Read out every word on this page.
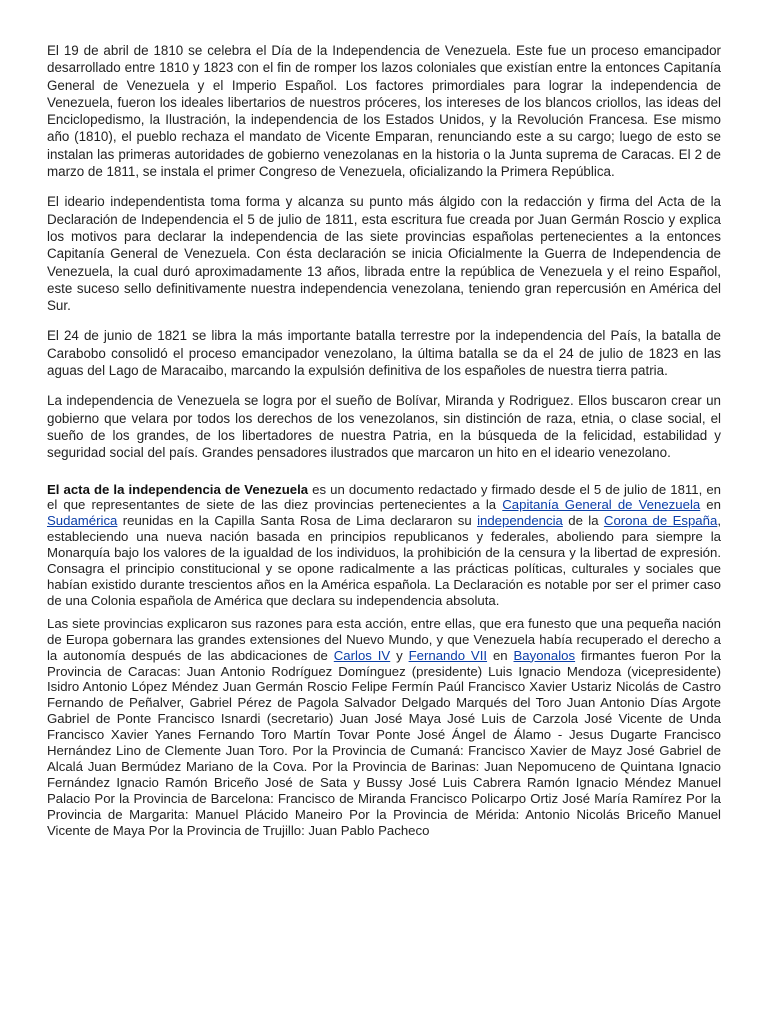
El 19 de abril de 1810 se celebra el Día de la Independencia de Venezuela. Este fue un proceso emancipador desarrollado entre 1810 y 1823 con el fin de romper los lazos coloniales que existían entre la entonces Capitanía General de Venezuela y el Imperio Español. Los factores primordiales para lograr la independencia de Venezuela, fueron los ideales libertarios de nuestros próceres, los intereses de los blancos criollos, las ideas del Enciclopedismo, la Ilustración, la independencia de los Estados Unidos, y la Revolución Francesa. Ese mismo año (1810), el pueblo rechaza el mandato de Vicente Emparan, renunciando este a su cargo; luego de esto se instalan las primeras autoridades de gobierno venezolanas en la historia o la Junta suprema de Caracas. El 2 de marzo de 1811, se instala el primer Congreso de Venezuela, oficializando la Primera República.

El ideario independentista toma forma y alcanza su punto más álgido con la redacción y firma del Acta de la Declaración de Independencia el 5 de julio de 1811, esta escritura fue creada por Juan Germán Roscio y explica los motivos para declarar la independencia de las siete provincias españolas pertenecientes a la entonces Capitanía General de Venezuela. Con ésta declaración se inicia Oficialmente la Guerra de Independencia de Venezuela, la cual duró aproximadamente 13 años, librada entre la república de Venezuela y el reino Español, este suceso sello definitivamente nuestra independencia venezolana, teniendo gran repercusión en América del Sur.

El 24 de junio de 1821 se libra la más importante batalla terrestre por la independencia del País, la batalla de Carabobo consolidó el proceso emancipador venezolano, la última batalla se da el 24 de julio de 1823 en las aguas del Lago de Maracaibo, marcando la expulsión definitiva de los españoles de nuestra tierra patria.

La independencia de Venezuela se logra por el sueño de Bolívar, Miranda y Rodriguez. Ellos buscaron crear un gobierno que velara por todos los derechos de los venezolanos, sin distinción de raza, etnia, o clase social, el sueño de los grandes, de los libertadores de nuestra Patria, en la búsqueda de la felicidad, estabilidad y seguridad social del país. Grandes pensadores ilustrados que marcaron un hito en el ideario venezolano.

El acta de la independencia de Venezuela es un documento redactado y firmado desde el 5 de julio de 1811, en el que representantes de siete de las diez provincias pertenecientes a la Capitanía General de Venezuela en Sudamérica reunidas en la Capilla Santa Rosa de Lima declararon su independencia de la Corona de España, estableciendo una nueva nación basada en principios republicanos y federales, aboliendo para siempre la Monarquía bajo los valores de la igualdad de los individuos, la prohibición de la censura y la libertad de expresión. Consagra el principio constitucional y se opone radicalmente a las prácticas políticas, culturales y sociales que habían existido durante trescientos años en la América española. La Declaración es notable por ser el primer caso de una Colonia española de América que declara su independencia absoluta.

Las siete provincias explicaron sus razones para esta acción, entre ellas, que era funesto que una pequeña nación de Europa gobernara las grandes extensiones del Nuevo Mundo, y que Venezuela había recuperado el derecho a la autonomía después de las abdicaciones de Carlos IV y Fernando VII en Bayonalos firmantes fueron Por la Provincia de Caracas: Juan Antonio Rodríguez Domínguez (presidente) Luis Ignacio Mendoza (vicepresidente) Isidro Antonio López Méndez Juan Germán Roscio Felipe Fermín Paúl Francisco Xavier Ustariz Nicolás de Castro Fernando de Peñalver, Gabriel Pérez de Pagola Salvador Delgado Marqués del Toro Juan Antonio Días Argote Gabriel de Ponte Francisco Isnardi (secretario) Juan José Maya José Luis de Carzola José Vicente de Unda Francisco Xavier Yanes Fernando Toro Martín Tovar Ponte José Ángel de Álamo - Jesus Dugarte Francisco Hernández Lino de Clemente Juan Toro. Por la Provincia de Cumaná: Francisco Xavier de Mayz José Gabriel de Alcalá Juan Bermúdez Mariano de la Cova. Por la Provincia de Barinas: Juan Nepomuceno de Quintana Ignacio Fernández Ignacio Ramón Briceño José de Sata y Bussy José Luis Cabrera Ramón Ignacio Méndez Manuel Palacio Por la Provincia de Barcelona: Francisco de Miranda Francisco Policarpo Ortiz José María Ramírez Por la Provincia de Margarita: Manuel Plácido Maneiro Por la Provincia de Mérida: Antonio Nicolás Briceño Manuel Vicente de Maya Por la Provincia de Trujillo: Juan Pablo Pacheco
